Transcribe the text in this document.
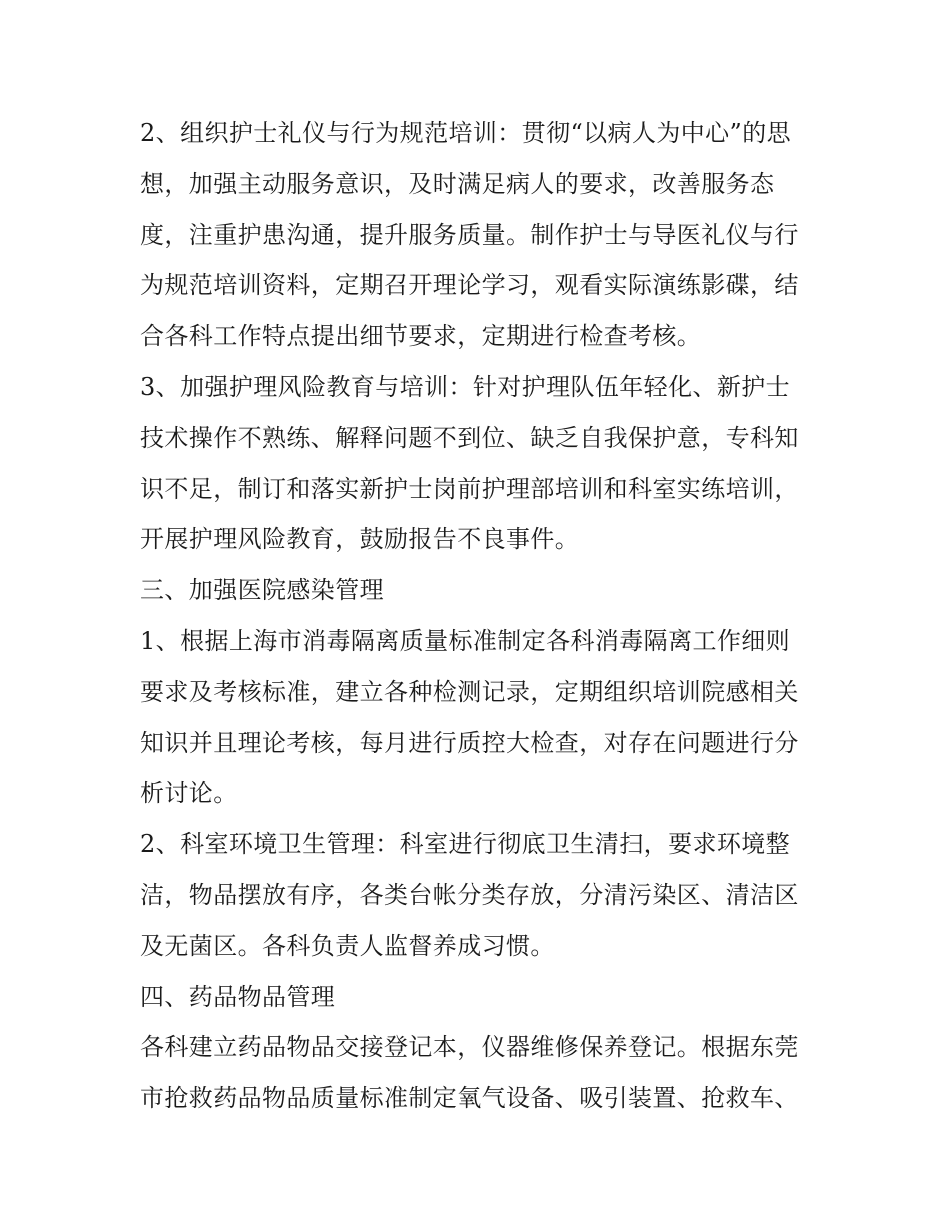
2、组织护士礼仪与行为规范培训：贯彻“以病人为中心”的思
想，加强主动服务意识，及时满足病人的要求，改善服务态
度，注重护患沟通，提升服务质量。制作护士与导医礼仪与行
为规范培训资料，定期召开理论学习，观看实际演练影碟，结
合各科工作特点提出细节要求，定期进行检查考核。
3、加强护理风险教育与培训：针对护理队伍年轻化、新护士
技术操作不熟练、解释问题不到位、缺乏自我保护意，专科知
识不足，制订和落实新护士岗前护理部培训和科室实练培训，
开展护理风险教育，鼓励报告不良事件。
三、加强医院感染管理
1、根据上海市消毒隔离质量标准制定各科消毒隔离工作细则
要求及考核标准，建立各种检测记录，定期组织培训院感相关
知识并且理论考核，每月进行质控大检查，对存在问题进行分
析讨论。
2、科室环境卫生管理：科室进行彻底卫生清扫，要求环境整
洁，物品摆放有序，各类台帐分类存放，分清污染区、清洁区
及无菌区。各科负责人监督养成习惯。
四、药品物品管理
各科建立药品物品交接登记本，仪器维修保养登记。根据东莞
市抢救药品物品质量标准制定氧气设备、吸引装置、抢救车、
